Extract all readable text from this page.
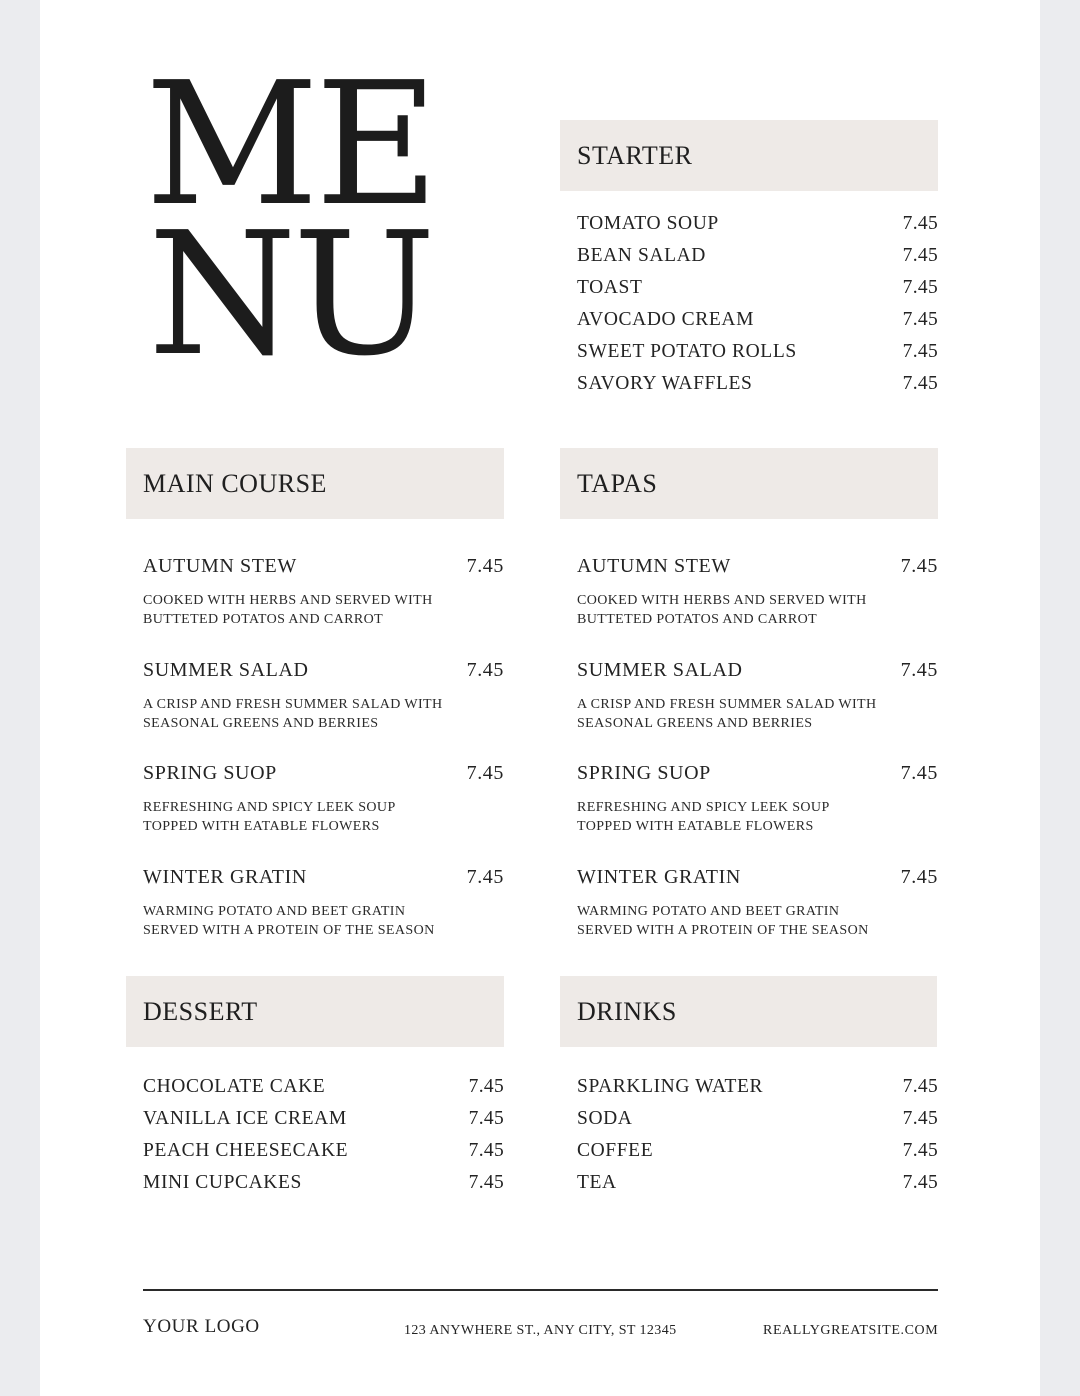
ME
NU
STARTER
TOMATO SOUP	7.45
BEAN SALAD	7.45
TOAST	7.45
AVOCADO CREAM	7.45
SWEET POTATO ROLLS	7.45
SAVORY WAFFLES	7.45
MAIN COURSE
AUTUMN STEW	7.45
COOKED WITH HERBS AND SERVED WITH
BUTTETED POTATOS AND CARROT
SUMMER SALAD	7.45
A CRISP AND FRESH SUMMER SALAD WITH
SEASONAL GREENS AND BERRIES
SPRING SUOP	7.45
REFRESHING AND SPICY LEEK SOUP
TOPPED WITH EATABLE FLOWERS
WINTER GRATIN	7.45
WARMING POTATO AND BEET GRATIN
SERVED WITH A PROTEIN OF THE SEASON
TAPAS
AUTUMN STEW	7.45
COOKED WITH HERBS AND SERVED WITH
BUTTETED POTATOS AND CARROT
SUMMER SALAD	7.45
A CRISP AND FRESH SUMMER SALAD WITH
SEASONAL GREENS AND BERRIES
SPRING SUOP	7.45
REFRESHING AND SPICY LEEK SOUP
TOPPED WITH EATABLE FLOWERS
WINTER GRATIN	7.45
WARMING POTATO AND BEET GRATIN
SERVED WITH A PROTEIN OF THE SEASON
DESSERT
CHOCOLATE CAKE	7.45
VANILLA ICE CREAM	7.45
PEACH CHEESECAKE	7.45
MINI CUPCAKES	7.45
DRINKS
SPARKLING WATER	7.45
SODA	7.45
COFFEE	7.45
TEA	7.45
YOUR LOGO	123 ANYWHERE ST., ANY CITY, ST 12345	REALLYGREATSITE.COM
